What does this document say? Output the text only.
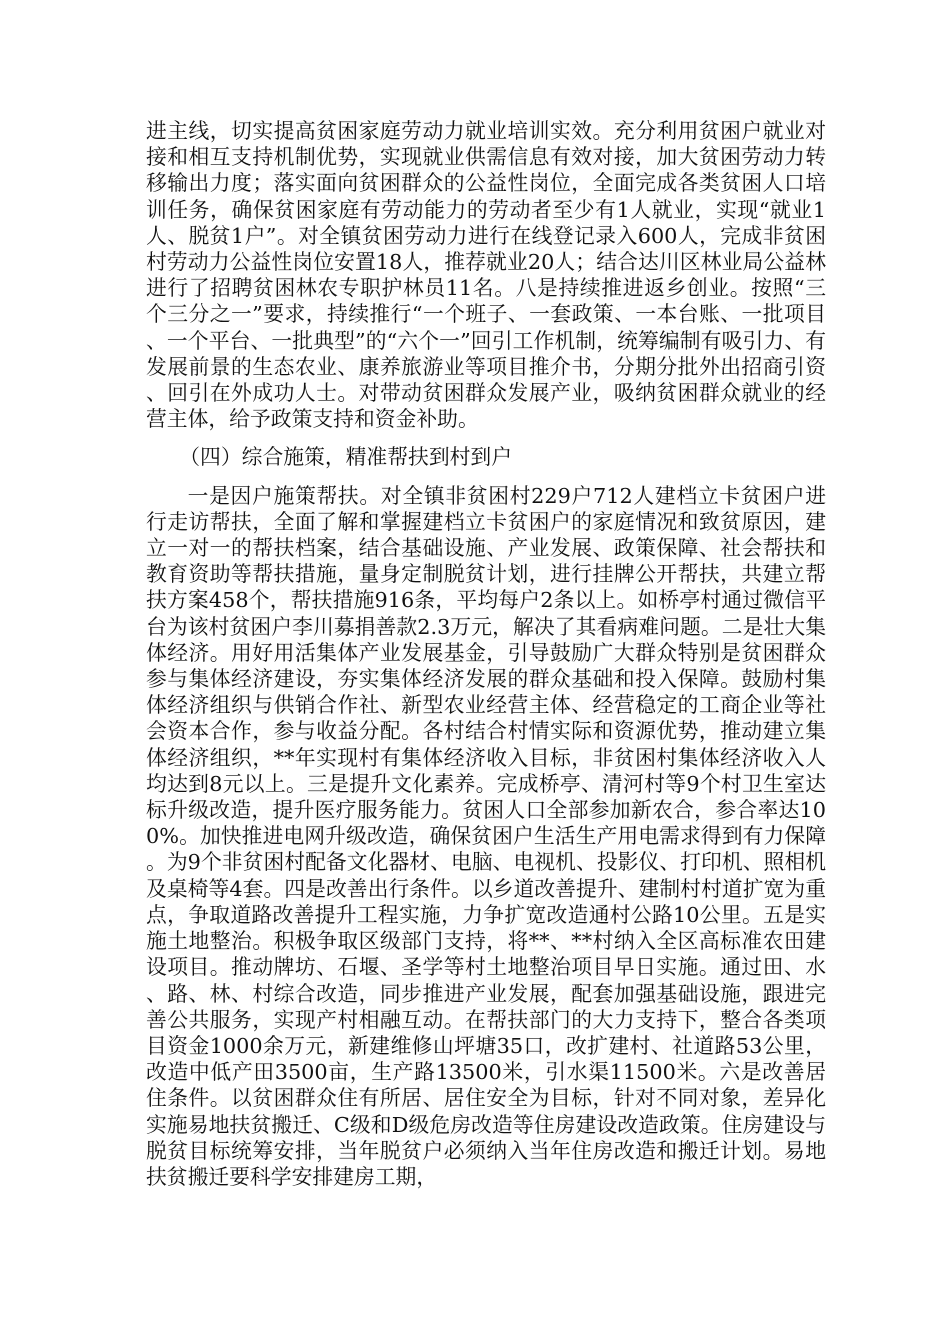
进主线，切实提高贫困家庭劳动力就业培训实效。充分利用贫困户就业对接和相互支持机制优势，实现就业供需信息有效对接，加大贫困劳动力转移输出力度；落实面向贫困群众的公益性岗位，全面完成各类贫困人口培训任务，确保贫困家庭有劳动能力的劳动者至少有1人就业，实现“就业1人、脱贫1户”。对全镇贫困劳动力进行在线登记录入600人，完成非贫困村劳动力公益性岗位安置18人，推荐就业20人；结合达川区林业局公益林进行了招聘贫困林农专职护林员11名。八是持续推进返乡创业。按照“三个三分之一”要求，持续推行“一个班子、一套政策、一本台账、一批项目、一个平台、一批典型”的“六个一”回引工作机制，统筹编制有吸引力、有发展前景的生态农业、康养旅游业等项目推介书，分期分批外出招商引资、回引在外成功人士。对带动贫困群众发展产业，吸纳贫困群众就业的经营主体，给予政策支持和资金补助。

（四）综合施策，精准帮扶到村到户

一是因户施策帮扶。对全镇非贫困村229户712人建档立卡贫困户进行走访帮扶，全面了解和掌握建档立卡贫困户的家庭情况和致贫原因，建立一对一的帮扶档案，结合基础设施、产业发展、政策保障、社会帮扶和教育资助等帮扶措施，量身定制脱贫计划，进行挂牌公开帮扶，共建立帮扶方案458个，帮扶措施916条，平均每户2条以上。如桥亭村通过微信平台为该村贫困户李川募捐善款2.3万元，解决了其看病难问题。二是壮大集体经济。用好用活集体产业发展基金，引导鼓励广大群众特别是贫困群众参与集体经济建设，夯实集体经济发展的群众基础和投入保障。鼓励村集体经济组织与供销合作社、新型农业经营主体、经营稳定的工商企业等社会资本合作，参与收益分配。各村结合村情实际和资源优势，推动建立集体经济组织，**年实现村有集体经济收入目标，非贫困村集体经济收入人均达到8元以上。三是提升文化素养。完成桥亭、清河村等9个村卫生室达标升级改造，提升医疗服务能力。贫困人口全部参加新农合，参合率达100%。加快推进电网升级改造，确保贫困户生活生产用电需求得到有力保障。为9个非贫困村配备文化器材、电脑、电视机、投影仪、打印机、照相机及桌椅等4套。四是改善出行条件。以乡道改善提升、建制村村道扩宽为重点，争取道路改善提升工程实施，力争扩宽改造通村公路10公里。五是实施土地整治。积极争取区级部门支持，将**、**村纳入全区高标准农田建设项目。推动牌坊、石堰、圣学等村土地整治项目早日实施。通过田、水、路、林、村综合改造，同步推进产业发展，配套加强基础设施，跟进完善公共服务，实现产村相融互动。在帮扶部门的大力支持下，整合各类项目资金1000余万元，新建维修山坪塘35口，改扩建村、社道路53公里，改造中低产田3500亩，生产路13500米，引水渠11500米。六是改善居住条件。以贫困群众住有所居、居住安全为目标，针对不同对象，差异化实施易地扶贫搬迁、C级和D级危房改造等住房建设改造政策。住房建设与脱贫目标统筹安排，当年脱贫户必须纳入当年住房改造和搬迁计划。易地扶贫搬迁要科学安排建房工期，
